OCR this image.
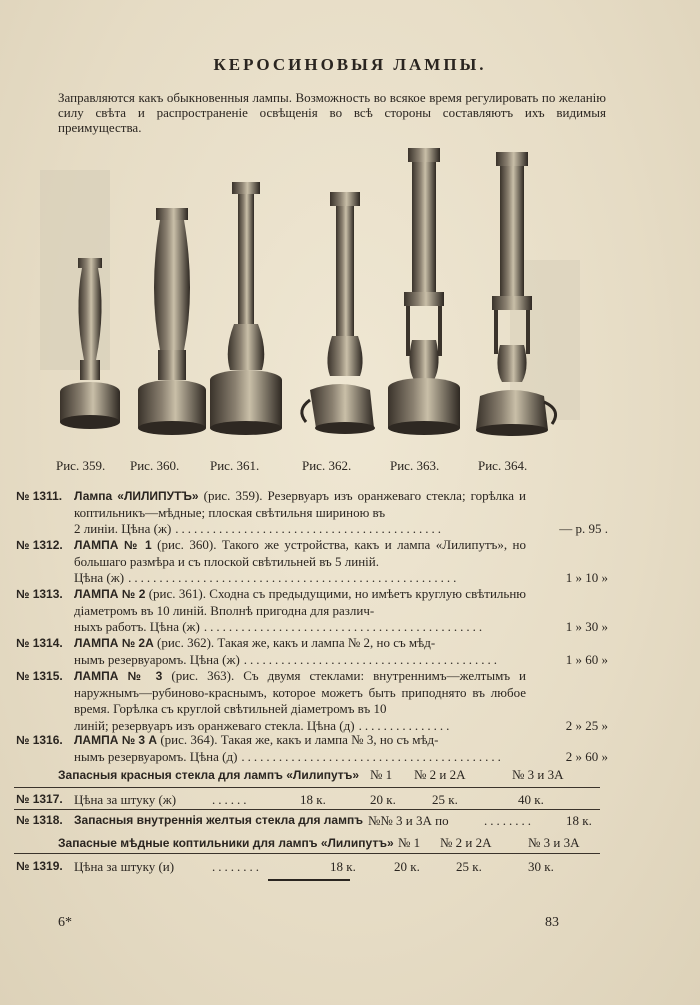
КЕРОСИНОВЫЯ ЛАМПЫ.
Заправляются какъ обыкновенныя лампы. Возможность во всякое время регулировать по желанію силу свѣта и распространеніе освѣщенія во всѣ стороны составляютъ ихъ видимыя преимущества.
Рис. 359. Рис. 360. Рис. 361.	Рис. 362.	Рис. 363.	Рис. 364.
№ 1311. Лампа «ЛИЛИПУТЪ» (рис. 359). Резервуаръ изъ оранжеваго стекла; горѣлка и коптильникъ—мѣдные; плоская свѣтильня шириною въ
2 линіи. Цѣна (ж) ...........................................	— р. 95 .
№ 1312. ЛАМПА № 1 (рис. 360). Такого же устройства, какъ и лампа «Лилипутъ», но большаго размѣра и съ плоской свѣтильней въ 5 линій.
Цѣна (ж) .....................................................	1 » 10 »
№ 1313. ЛАМПА № 2 (рис. 361). Сходна съ предыдущими, но имѣетъ круглую свѣтильню діаметромъ въ 10 линій. Вполнѣ пригодна для различ-
ныхъ работъ. Цѣна (ж) .............................................	1 » 30 »
№ 1314. ЛАМПА № 2А (рис. 362). Такая же, какъ и лампа № 2, но съ мѣд-
нымъ резервуаромъ. Цѣна (ж) .........................................	1 » 60 »
№ 1315. ЛАМПА № 3 (рис. 363). Съ двумя стеклами: внутреннимъ—желтымъ и наружнымъ—рубиново-краснымъ, которое можетъ быть приподнято въ любое время. Горѣлка съ круглой свѣтильней діаметромъ въ 10
линій; резервуаръ изъ оранжеваго стекла. Цѣна (д) ...............	2 » 25 »
№ 1316. ЛАМПА № 3 А (рис. 364). Такая же, какъ и лампа № 3, но съ мѣд-
нымъ резервуаромъ. Цѣна (д) ..........................................	2 » 60 »
Запасныя красныя стекла для лампъ «Лилипутъ» № 1 № 2 и 2А	№ 3 и 3А
№ 1317. Цѣна за штуку (ж)	......	18 к.	20 к.	25 к.	40 к.
№ 1318. Запасныя внутреннія желтыя стекла для лампъ №№ 3 и 3А по	........ 18 к.
Запасные мѣдные коптильники для лампъ «Лилипутъ» № 1 № 2 и 2А	№ 3 и 3А
№ 1319. Цѣна за штуку (и)	........	18 к.	20 к.	25 к.	30 к.
6*	83
